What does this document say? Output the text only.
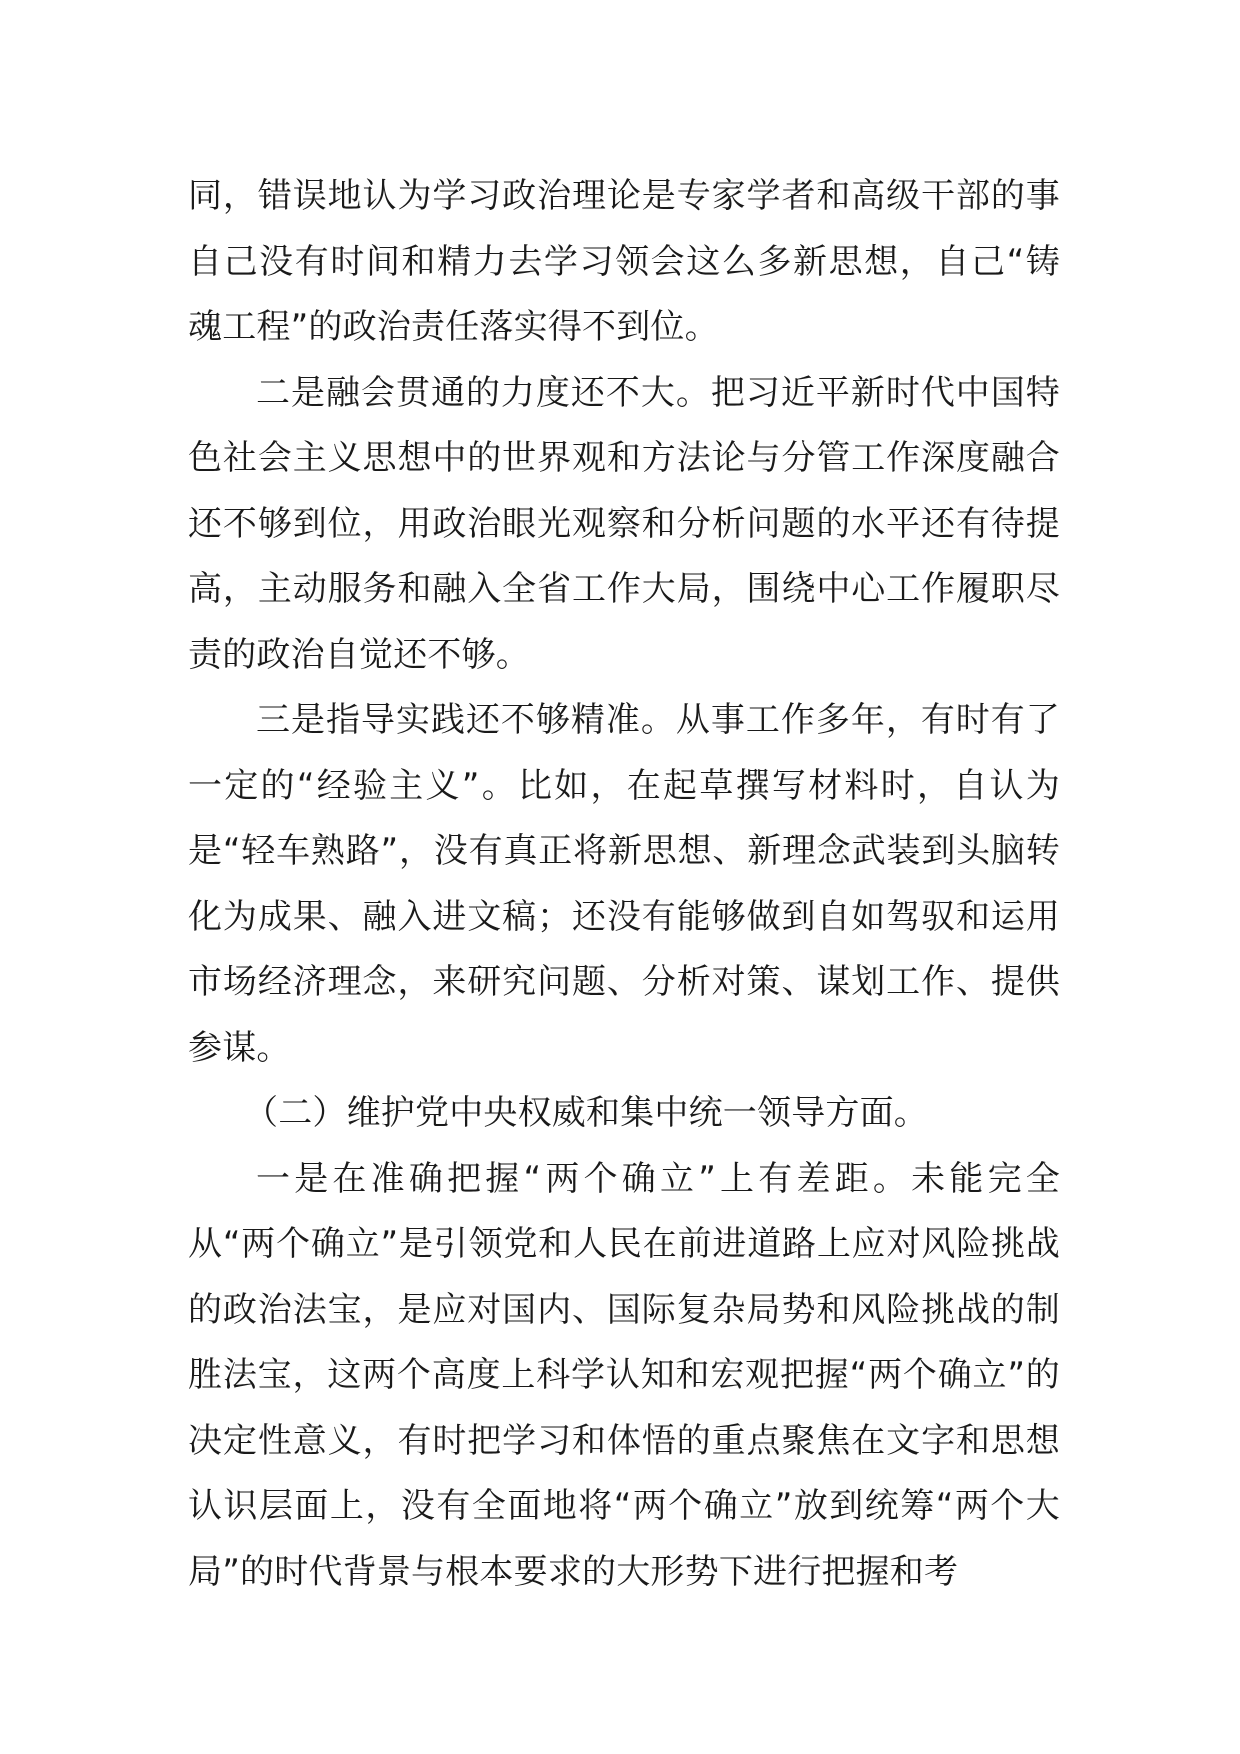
同，错误地认为学习政治理论是专家学者和高级干部的事自己没有时间和精力去学习领会这么多新思想，自己“铸魂工程”的政治责任落实得不到位。

二是融会贯通的力度还不大。把习近平新时代中国特色社会主义思想中的世界观和方法论与分管工作深度融合还不够到位，用政治眼光观察和分析问题的水平还有待提高，主动服务和融入全省工作大局，围绕中心工作履职尽责的政治自觉还不够。

三是指导实践还不够精准。从事工作多年，有时有了一定的“经验主义”。比如，在起草撰写材料时，自认为是“轻车熟路”，没有真正将新思想、新理念武装到头脑转化为成果、融入进文稿；还没有能够做到自如驾驭和运用市场经济理念，来研究问题、分析对策、谋划工作、提供参谋。

（二）维护党中央权威和集中统一领导方面。

一是在准确把握“两个确立”上有差距。未能完全从“两个确立”是引领党和人民在前进道路上应对风险挑战的政治法宝，是应对国内、国际复杂局势和风险挑战的制胜法宝，这两个高度上科学认知和宏观把握“两个确立”的决定性意义，有时把学习和体悟的重点聚焦在文字和思想认识层面上，没有全面地将“两个确立”放到统筹“两个大局”的时代背景与根本要求的大形势下进行把握和考
